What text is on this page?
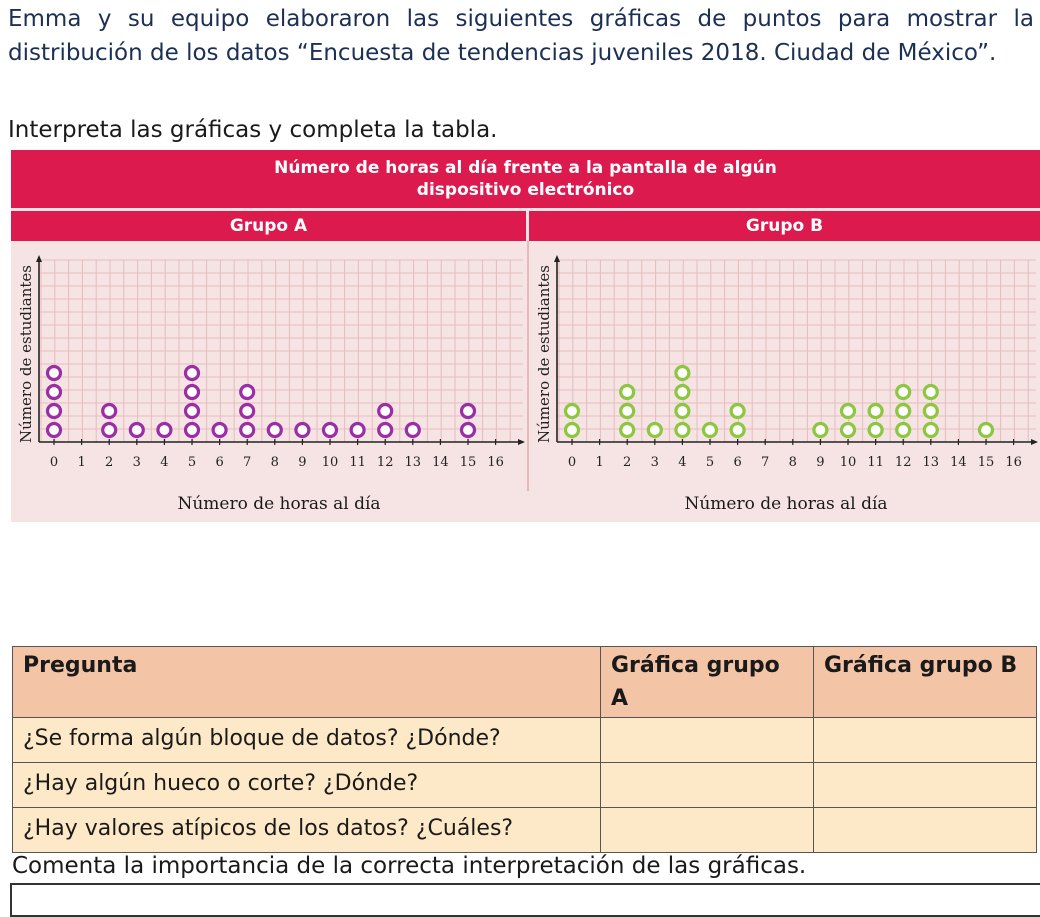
Emma y su equipo elaboraron las siguientes gráficas de puntos para mostrar la distribución de los datos “Encuesta de tendencias juveniles 2018. Ciudad de México”.

Interpreta las gráficas y completa la tabla.

Número de horas al día frente a la pantalla de algún dispositivo electrónico
Grupo A	Grupo B
Número de estudiantes
0 1 2 3 4 5 6 7 8 9 10 11 12 13 14 15 16
Número de estudiantes
0 1 2 3 4 5 6 7 8 9 10 11 12 13 14 15 16
Número de horas al día	Número de horas al día
Pregunta	Gráfica grupo A	Gráfica grupo B
¿Se forma algún bloque de datos? ¿Dónde?		
¿Hay algún hueco o corte? ¿Dónde?		
¿Hay valores atípicos de los datos? ¿Cuáles?		

Comenta la importancia de la correcta interpretación de las gráficas.
